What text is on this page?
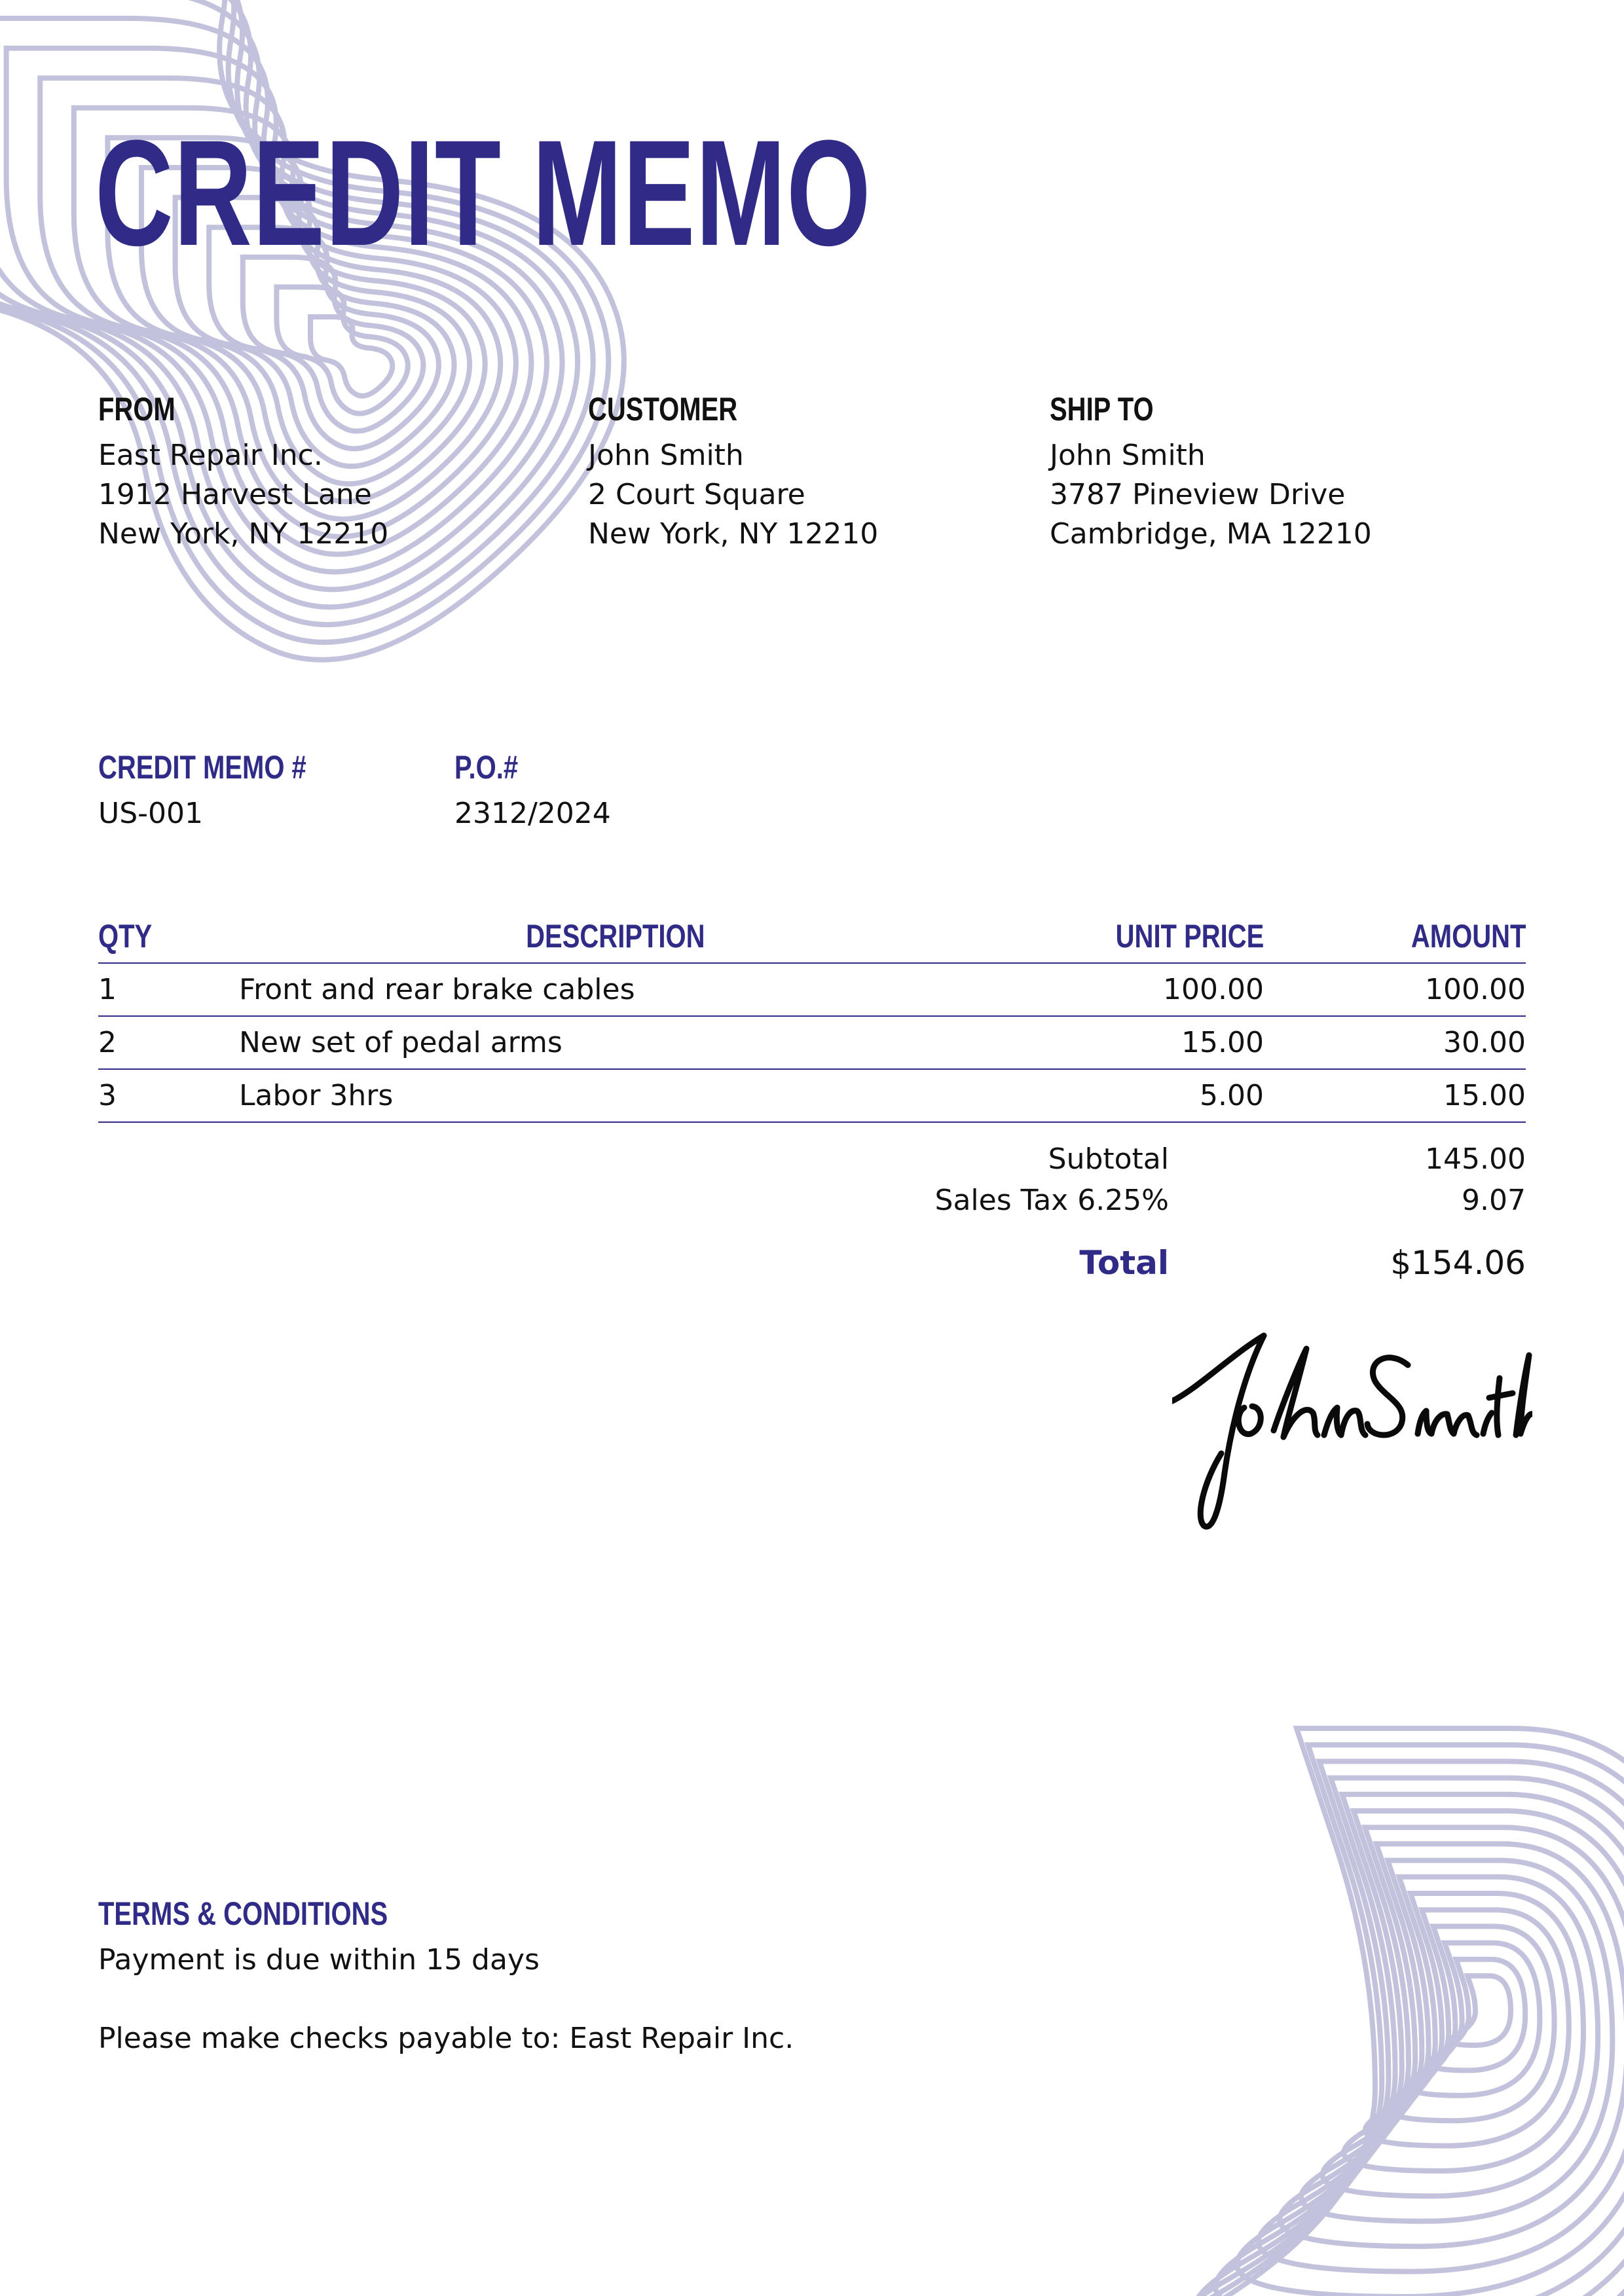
CREDIT MEMO
FROM
East Repair Inc.
1912 Harvest Lane
New York, NY 12210
CUSTOMER
John Smith
2 Court Square
New York, NY 12210
SHIP TO
John Smith
3787 Pineview Drive
Cambridge, MA 12210
CREDIT MEMO #
US-001
P.O.#
2312/2024
QTY	DESCRIPTION	UNIT PRICE	AMOUNT
1	Front and rear brake cables	100.00	100.00
2	New set of pedal arms	15.00	30.00
3	Labor 3hrs	5.00	15.00
Subtotal	145.00
Sales Tax 6.25%	9.07
Total	$154.06
TERMS & CONDITIONS
Payment is due within 15 days
Please make checks payable to: East Repair Inc.
